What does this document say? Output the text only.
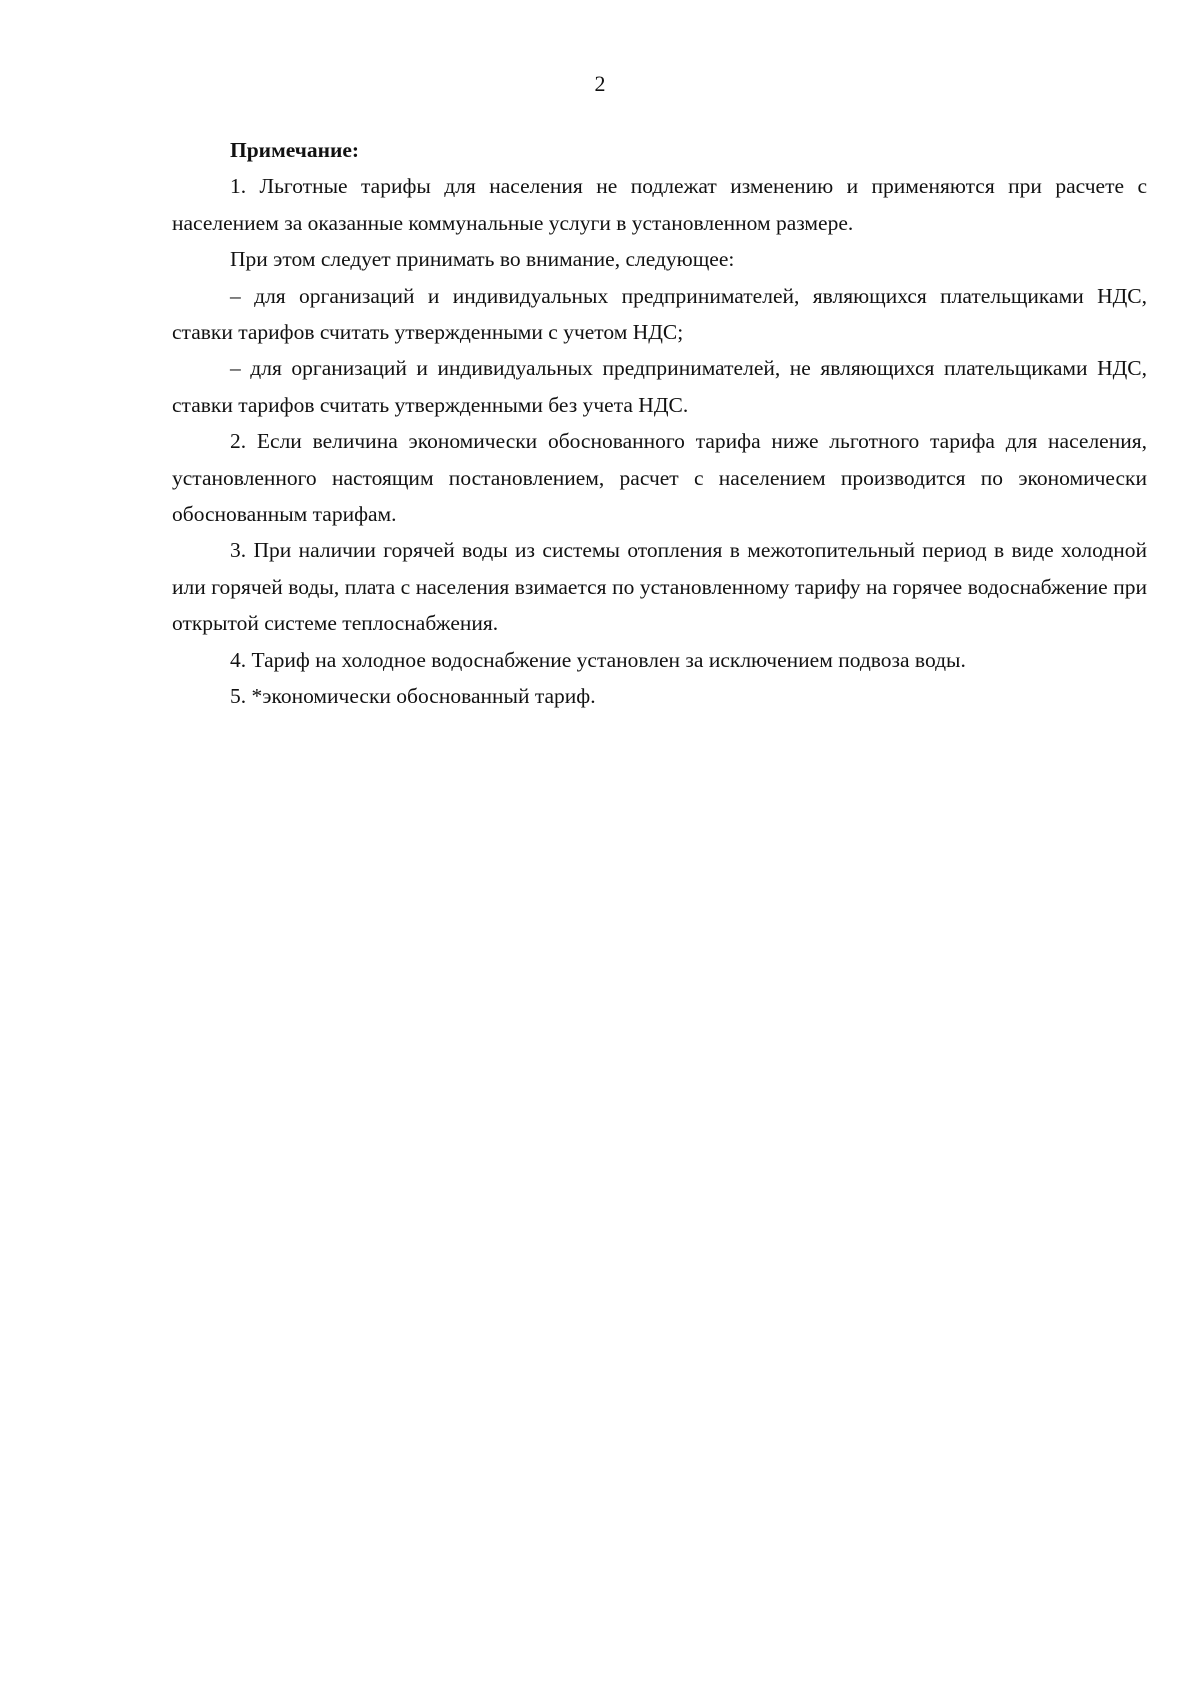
2

Примечание:

1. Льготные тарифы для населения не подлежат изменению и применяются при расчете с населением за оказанные коммунальные услуги в установленном размере.

При этом следует принимать во внимание, следующее:

– для организаций и индивидуальных предпринимателей, являющихся плательщиками НДС, ставки тарифов считать утвержденными с учетом НДС;

– для организаций и индивидуальных предпринимателей, не являющихся плательщиками НДС, ставки тарифов считать утвержденными без учета НДС.

2. Если величина экономически обоснованного тарифа ниже льготного тарифа для населения, установленного настоящим постановлением, расчет с населением производится по экономически обоснованным тарифам.

3. При наличии горячей воды из системы отопления в межотопительный период в виде холодной или горячей воды, плата с населения взимается по установленному тарифу на горячее водоснабжение при открытой системе теплоснабжения.

4. Тариф на холодное водоснабжение установлен за исключением подвоза воды.

5. *экономически обоснованный тариф.
